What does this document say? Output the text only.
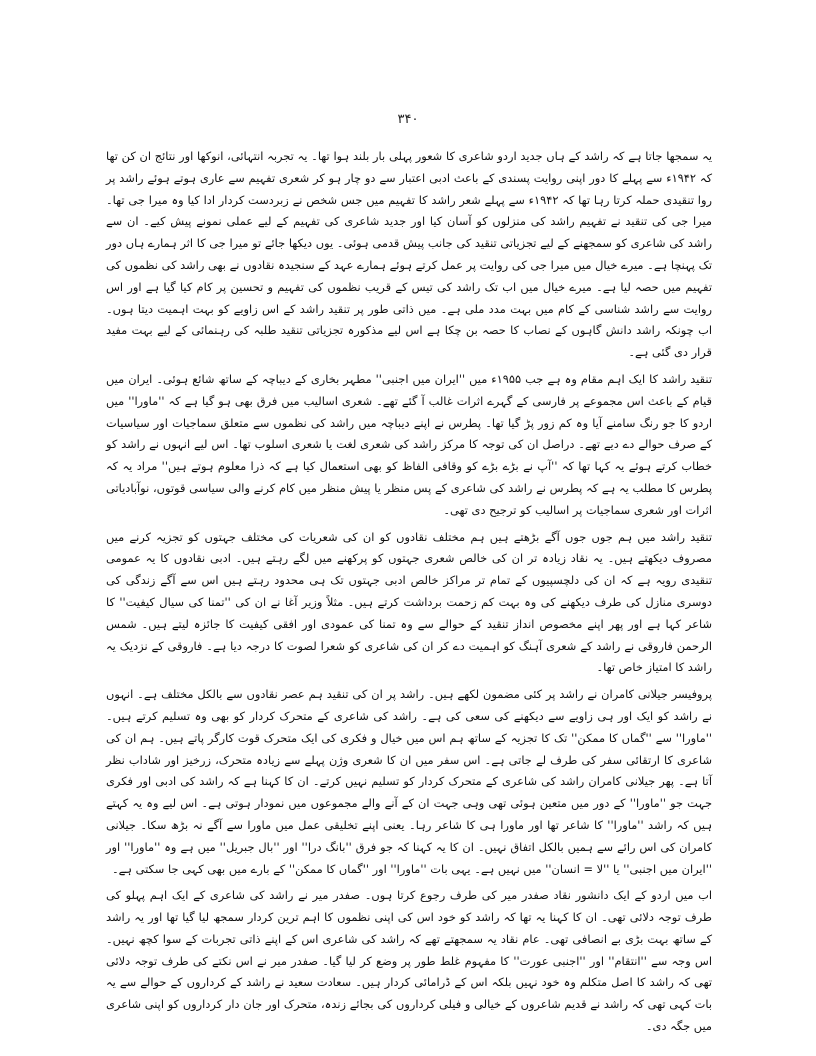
۳۴۰

یہ سمجھا جاتا ہے کہ راشد کے ہاں جدید اردو شاعری کا شعور پہلی بار بلند ہوا تھا۔ یہ تجربہ انتہائی، انوکھا اور نتائج ان کن تھا کہ ۱۹۴۲ء سے پہلے کا دور اپنی روایت پسندی کے باعث ادبی اعتبار سے دو چار ہو کر شعری تفہیم سے عاری ہوتے ہوئے راشد پر روا تنقیدی حملہ کرتا رہا تھا کہ ۱۹۴۲ء سے پہلے شعر راشد کا تفہیم میں جس شخص نے زبردست کردار ادا کیا وہ میرا جی تھا۔ میرا جی کی تنقید نے تفہیم راشد کی منزلوں کو آسان کیا اور جدید شاعری کی تفہیم کے لیے عملی نمونے پیش کیے۔ ان سے راشد کی شاعری کو سمجھنے کے لیے تجزیاتی تنقید کی جانب پیش قدمی ہوئی۔ یوں دیکھا جائے تو میرا جی کا اثر ہمارے ہاں دور تک پہنچا ہے۔ میرے خیال میں میرا جی کی روایت پر عمل کرتے ہوئے ہمارے عہد کے سنجیدہ نقادوں نے بھی راشد کی نظموں کی تفہیم میں حصہ لیا ہے۔ میرے خیال میں اب تک راشد کی تیس کے قریب نظموں کی تفہیم و تحسین پر کام کیا گیا ہے اور اس روایت سے راشد شناسی کے کام میں بہت مدد ملی ہے۔ میں ذاتی طور پر تنقید راشد کے اس زاویے کو بہت اہمیت دیتا ہوں۔ اب چونکہ راشد دانش گاہوں کے نصاب کا حصہ بن چکا ہے اس لیے مذکورہ تجزیاتی تنقید طلبہ کی رہنمائی کے لیے بہت مفید قرار دی گئی ہے۔

تنقید راشد کا ایک اہم مقام وہ ہے جب ۱۹۵۵ء میں ''ایران میں اجنبی'' مطہر بخاری کے دیباچہ کے ساتھ شائع ہوئی۔ ایران میں قیام کے باعث اس مجموعے پر فارسی کے گہرے اثرات غالب آ گئے تھے۔ شعری اسالیب میں فرق بھی ہو گیا ہے کہ ''ماورا'' میں اردو کا جو رنگ سامنے آیا وہ کم زور پڑ گیا تھا۔ پطرس نے اپنے دیباچہ میں راشد کی نظموں سے متعلق سماجیات اور سیاسیات کے صرف حوالے دے دیے تھے۔ دراصل ان کی توجہ کا مرکز راشد کی شعری لغت یا شعری اسلوب تھا۔ اس لیے انہوں نے راشد کو خطاب کرتے ہوئے یہ کہا تھا کہ ''آپ نے بڑے بڑے کو وقافی الفاظ کو بھی استعمال کیا ہے کہ ذرا معلوم ہوتے ہیں'' مراد یہ کہ پطرس کا مطلب یہ ہے کہ پطرس نے راشد کی شاعری کے پس منظر یا پیش منظر میں کام کرنے والی سیاسی قوتوں، نوآبادیاتی اثرات اور شعری سماجیات پر اسالیب کو ترجیح دی تھی۔

تنقید راشد میں ہم جوں جوں آگے بڑھتے ہیں ہم مختلف نقادوں کو ان کی شعریات کی مختلف جہتوں کو تجزیہ کرنے میں مصروف دیکھتے ہیں۔ یہ نقاد زیادہ تر ان کی خالص شعری جہتوں کو پرکھنے میں لگے رہتے ہیں۔ ادبی نقادوں کا یہ عمومی تنقیدی رویہ ہے کہ ان کی دلچسپیوں کے تمام تر مراکز خالص ادبی جہتوں تک ہی محدود رہتے ہیں اس سے آگے زندگی کی دوسری منازل کی طرف دیکھنے کی وہ بہت کم زحمت برداشت کرتے ہیں۔ مثلاً وزیر آغا نے ان کی ''تمنا کی سیال کیفیت'' کا شاعر کہا ہے اور پھر اپنے مخصوص انداز تنقید کے حوالے سے وہ تمنا کی عمودی اور افقی کیفیت کا جائزہ لیتے ہیں۔ شمس الرحمن فاروقی نے راشد کے شعری آہنگ کو اہمیت دے کر ان کی شاعری کو شعرا لصوت کا درجہ دیا ہے۔ فاروقی کے نزدیک یہ راشد کا امتیاز خاص تھا۔

پروفیسر جیلانی کامران نے راشد پر کئی مضمون لکھے ہیں۔ راشد پر ان کی تنقید ہم عصر نقادوں سے بالکل مختلف ہے۔ انہوں نے راشد کو ایک اور ہی زاویے سے دیکھنے کی سعی کی ہے۔ راشد کی شاعری کے متحرک کردار کو بھی وہ تسلیم کرتے ہیں۔ ''ماورا'' سے ''گماں کا ممکن'' تک کا تجزیہ کے ساتھ ہم اس میں خیال و فکری کی ایک متحرک قوت کارگر پاتے ہیں۔ ہم ان کی شاعری کا ارتقائی سفر کی طرف لے جاتی ہے۔ اس سفر میں ان کا شعری وژن پہلے سے زیادہ متحرک، زرخیز اور شاداب نظر آتا ہے۔ پھر جیلانی کامران راشد کی شاعری کے متحرک کردار کو تسلیم نہیں کرتے۔ ان کا کہنا ہے کہ راشد کی ادبی اور فکری جہت جو ''ماورا'' کے دور میں متعین ہوئی تھی وہی جہت ان کے آنے والے مجموعوں میں نمودار ہوتی ہے۔ اس لیے وہ یہ کہتے ہیں کہ راشد ''ماورا'' کا شاعر تھا اور ماورا ہی کا شاعر رہا۔ یعنی اپنے تخلیقی عمل میں ماورا سے آگے نہ بڑھ سکا۔ جیلانی کامران کی اس رائے سے ہمیں بالکل اتفاق نہیں۔ ان کا یہ کہنا کہ جو فرق ''بانگ درا'' اور ''بال جبریل'' میں ہے وہ ''ماورا'' اور ''ایران میں اجنبی'' یا ''لا = انسان'' میں نہیں ہے۔ یہی بات ''ماورا'' اور ''گماں کا ممکن'' کے بارے میں بھی کہی جا سکتی ہے۔

اب میں اردو کے ایک دانشور نقاد صفدر میر کی طرف رجوع کرتا ہوں۔ صفدر میر نے راشد کی شاعری کے ایک اہم پہلو کی طرف توجہ دلائی تھی۔ ان کا کہنا یہ تھا کہ راشد کو خود اس کی اپنی نظموں کا اہم ترین کردار سمجھ لیا گیا تھا اور یہ راشد کے ساتھ بہت بڑی بے انصافی تھی۔ عام نقاد یہ سمجھتے تھے کہ راشد کی شاعری اس کے اپنے ذاتی تجربات کے سوا کچھ نہیں۔ اس وجہ سے ''انتقام'' اور ''اجنبی عورت'' کا مفہوم غلط طور پر وضع کر لیا گیا۔ صفدر میر نے اس نکتے کی طرف توجہ دلائی تھی کہ راشد کا اصل متکلم وہ خود نہیں بلکہ اس کے ڈرامائی کردار ہیں۔ سعادت سعید نے راشد کے کرداروں کے حوالے سے یہ بات کہی تھی کہ راشد نے قدیم شاعروں کے خیالی و فیلی کرداروں کی بجائے زندہ، متحرک اور جان دار کرداروں کو اپنی شاعری میں جگہ دی۔
